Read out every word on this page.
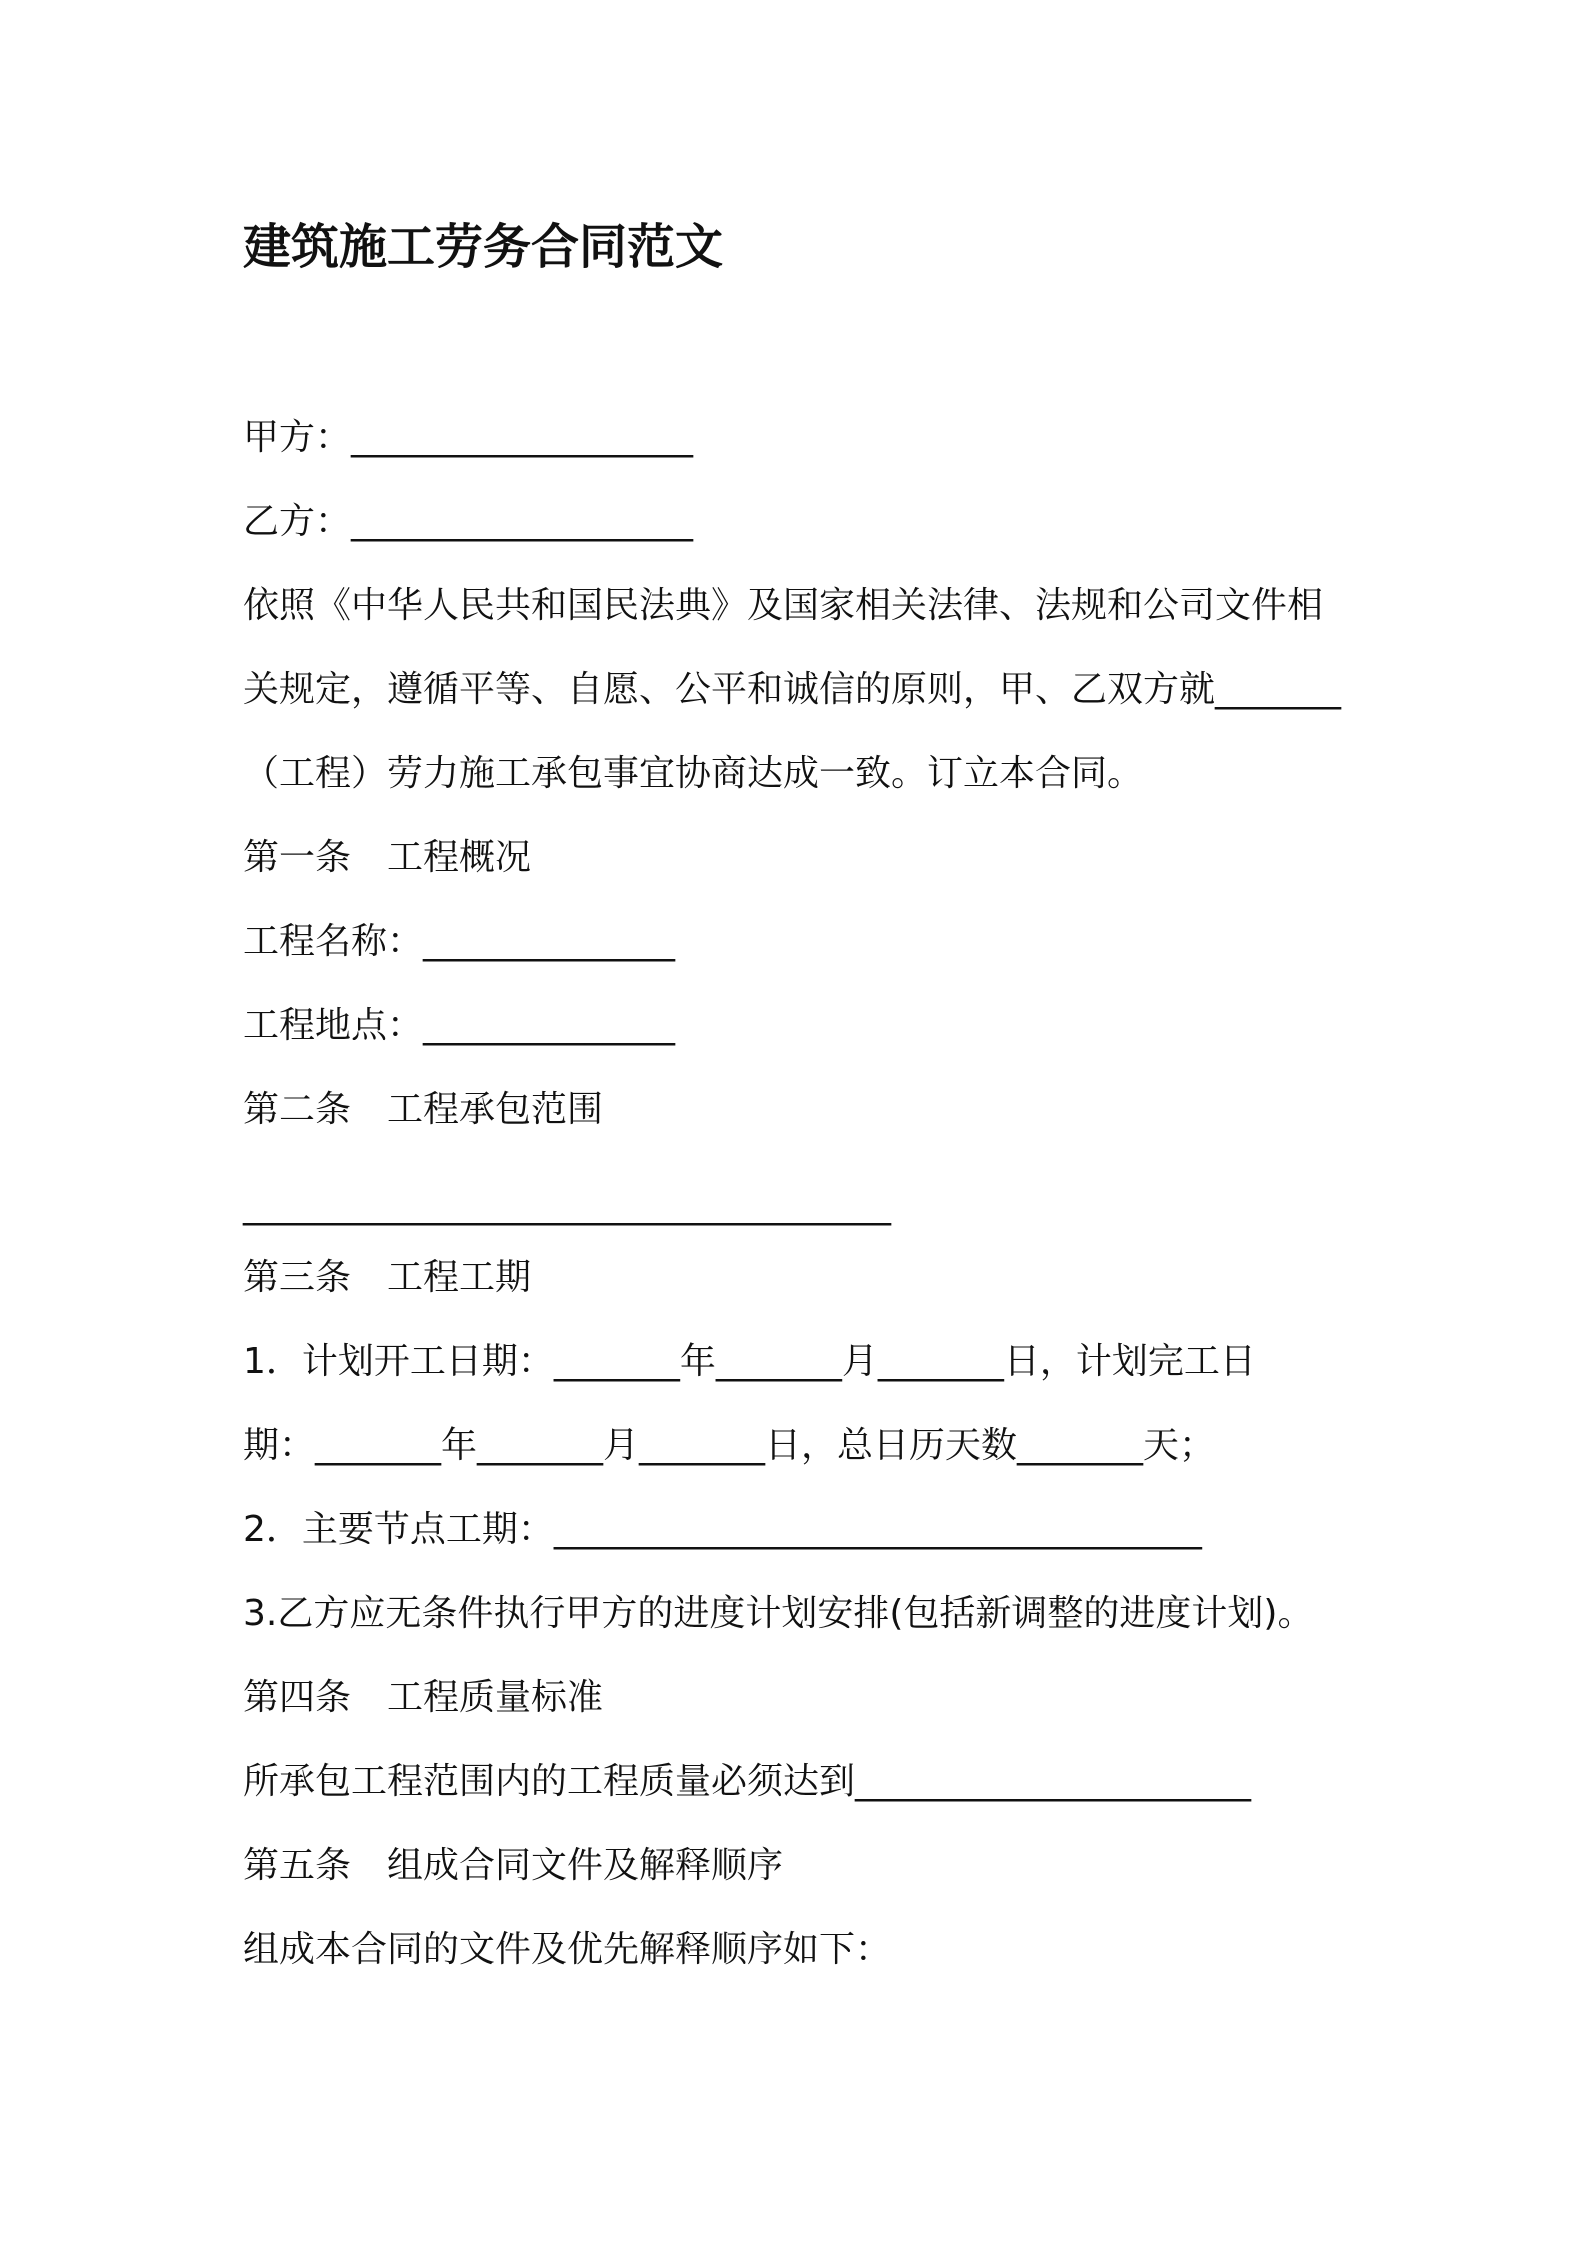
建筑施工劳务合同范文
甲方：___________________
乙方：___________________
依照《中华人民共和国民法典》及国家相关法律、法规和公司文件相
关规定，遵循平等、自愿、公平和诚信的原则，甲、乙双方就_______
（工程）劳力施工承包事宜协商达成一致。订立本合同。
第一条　工程概况
工程名称：______________
工程地点：______________
第二条　工程承包范围
____________________________________
第三条　工程工期
1．计划开工日期：_______年_______月_______日，计划完工日
期：_______年_______月_______日，总日历天数_______天；
2．主要节点工期：____________________________________
3.乙方应无条件执行甲方的进度计划安排(包括新调整的进度计划)。
第四条　工程质量标准
所承包工程范围内的工程质量必须达到______________________
第五条　组成合同文件及解释顺序
组成本合同的文件及优先解释顺序如下：
